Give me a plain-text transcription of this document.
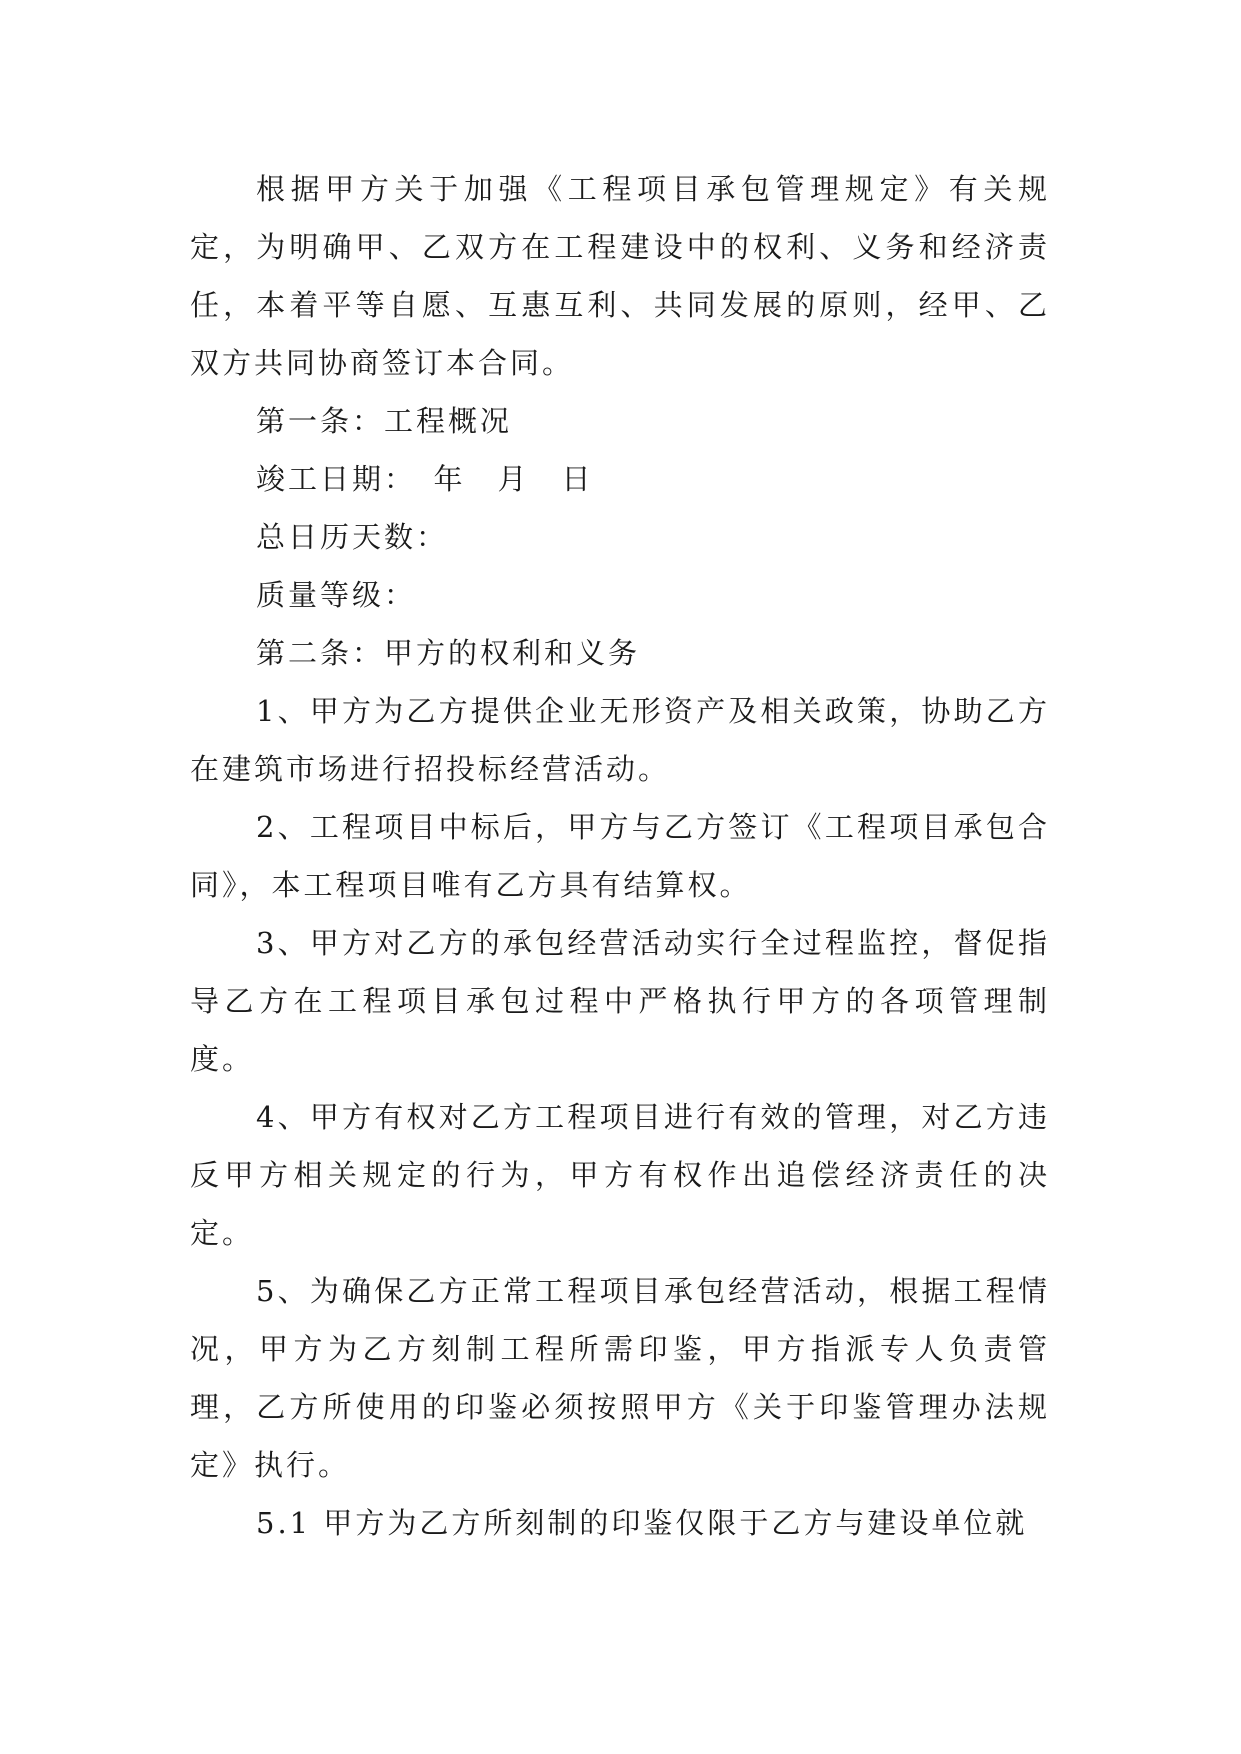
根据甲方关于加强《工程项目承包管理规定》有关规定，为明确甲、乙双方在工程建设中的权利、义务和经济责任，本着平等自愿、互惠互利、共同发展的原则，经甲、乙双方共同协商签订本合同。

第一条：工程概况

竣工日期：　年　月　日

总日历天数：

质量等级：

第二条：甲方的权利和义务

1、甲方为乙方提供企业无形资产及相关政策，协助乙方在建筑市场进行招投标经营活动。

2、工程项目中标后，甲方与乙方签订《工程项目承包合同》，本工程项目唯有乙方具有结算权。

3、甲方对乙方的承包经营活动实行全过程监控，督促指导乙方在工程项目承包过程中严格执行甲方的各项管理制度。

4、甲方有权对乙方工程项目进行有效的管理，对乙方违反甲方相关规定的行为，甲方有权作出追偿经济责任的决定。

5、为确保乙方正常工程项目承包经营活动，根据工程情况，甲方为乙方刻制工程所需印鉴，甲方指派专人负责管理，乙方所使用的印鉴必须按照甲方《关于印鉴管理办法规定》执行。

5.1 甲方为乙方所刻制的印鉴仅限于乙方与建设单位就
